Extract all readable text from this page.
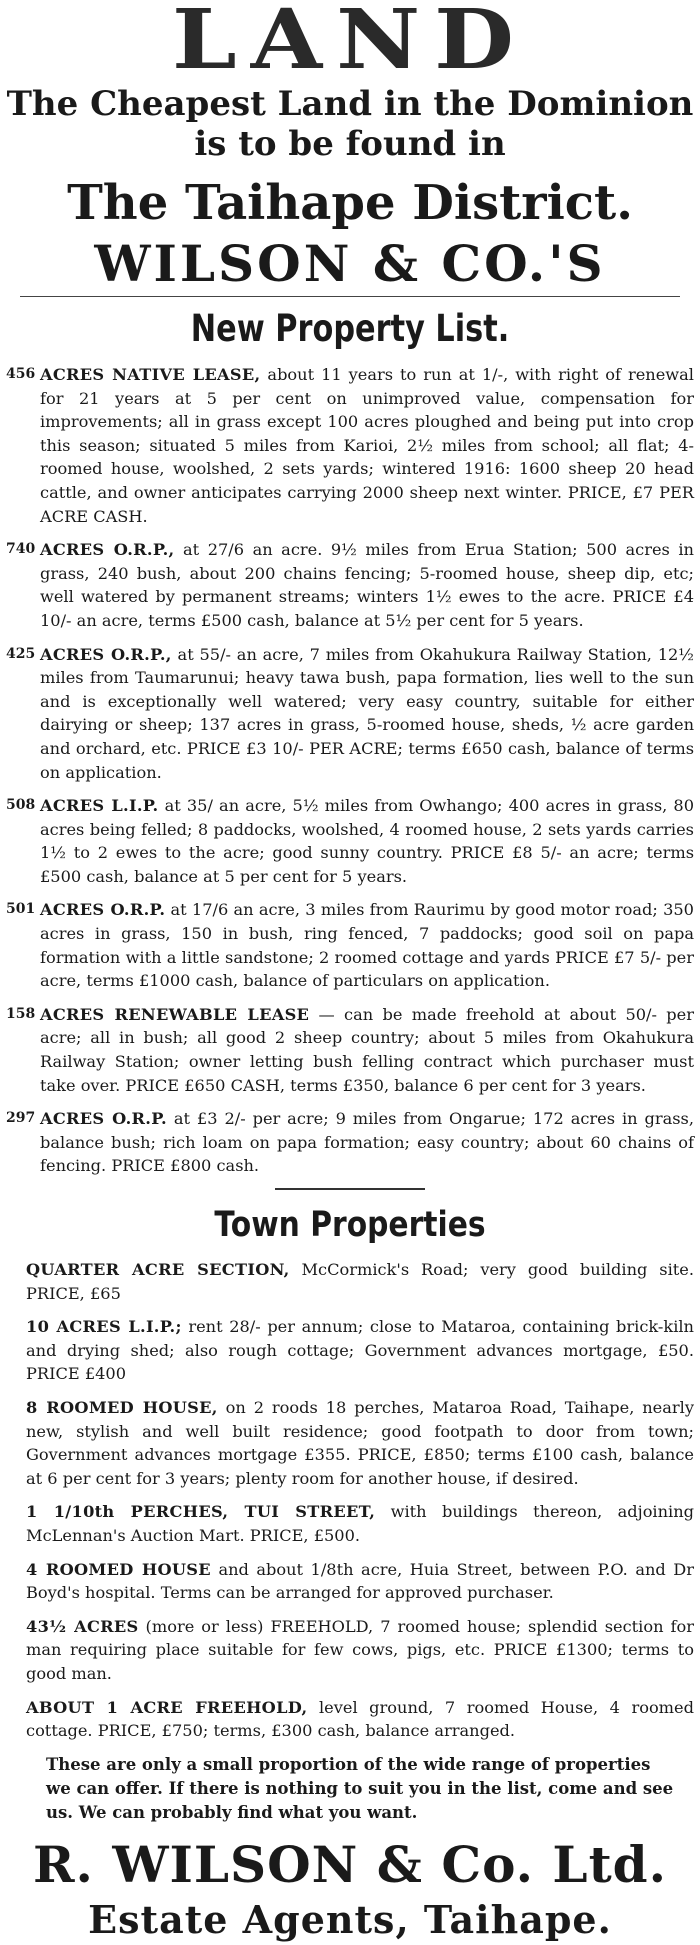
LAND
The Cheapest Land in the Dominion
is to be found in
The Taihape District.
WILSON & CO.'S
New Property List.
456 ACRES NATIVE LEASE, about 11 years to run at 1/-, with right of renewal for 21 years at 5 per cent on unimproved value, compensation for improvements; all in grass except 100 acres ploughed and being put into crop this season; situated 5 miles from Karioi, 2½ miles from school; all flat; 4-roomed house, woolshed, 2 sets yards; wintered 1916: 1600 sheep 20 head cattle, and owner anticipates carrying 2000 sheep next winter. PRICE, £7 PER ACRE CASH.
740 ACRES O.R.P., at 27/6 an acre. 9½ miles from Erua Station; 500 acres in grass, 240 bush, about 200 chains fencing; 5-roomed house, sheep dip, etc; well watered by permanent streams; winters 1½ ewes to the acre. PRICE £4 10/- an acre, terms £500 cash, balance at 5½ per cent for 5 years.
425 ACRES O.R.P., at 55/- an acre, 7 miles from Okahukura Railway Station, 12½ miles from Taumarunui; heavy tawa bush, papa formation, lies well to the sun and is exceptionally well watered; very easy country, suitable for either dairying or sheep; 137 acres in grass, 5-roomed house, sheds, ½ acre garden and orchard, etc. PRICE £3 10/- PER ACRE; terms £650 cash, balance of terms on application.
508 ACRES L.I.P. at 35/ an acre, 5½ miles from Owhango; 400 acres in grass, 80 acres being felled; 8 paddocks, woolshed, 4 roomed house, 2 sets yards carries 1½ to 2 ewes to the acre; good sunny country. PRICE £8 5/- an acre; terms £500 cash, balance at 5 per cent for 5 years.
501 ACRES O.R.P. at 17/6 an acre, 3 miles from Raurimu by good motor road; 350 acres in grass, 150 in bush, ring fenced, 7 paddocks; good soil on papa formation with a little sandstone; 2 roomed cottage and yards PRICE £7 5/- per acre, terms £1000 cash, balance of particulars on application.
158 ACRES RENEWABLE LEASE — can be made freehold at about 50/- per acre; all in bush; all good 2 sheep country; about 5 miles from Okahukura Railway Station; owner letting bush felling contract which purchaser must take over. PRICE £650 CASH, terms £350, balance 6 per cent for 3 years.
297 ACRES O.R.P. at £3 2/- per acre; 9 miles from Ongarue; 172 acres in grass, balance bush; rich loam on papa formation; easy country; about 60 chains of fencing. PRICE £800 cash.
Town Properties
QUARTER ACRE SECTION, McCormick's Road; very good building site. PRICE, £65
10 ACRES L.I.P.; rent 28/- per annum; close to Mataroa, containing brick-kiln and drying shed; also rough cottage; Government advances mortgage, £50. PRICE £400
8 ROOMED HOUSE, on 2 roods 18 perches, Mataroa Road, Taihape, nearly new, stylish and well built residence; good footpath to door from town; Government advances mortgage £355. PRICE, £850; terms £100 cash, balance at 6 per cent for 3 years; plenty room for another house, if desired.
1 1/10th PERCHES, TUI STREET, with buildings thereon, adjoining McLennan's Auction Mart. PRICE, £500.
4 ROOMED HOUSE and about 1/8th acre, Huia Street, between P.O. and Dr Boyd's hospital. Terms can be arranged for approved purchaser.
43½ ACRES (more or less) FREEHOLD, 7 roomed house; splendid section for man requiring place suitable for few cows, pigs, etc. PRICE £1300; terms to good man.
ABOUT 1 ACRE FREEHOLD, level ground, 7 roomed House, 4 roomed cottage. PRICE, £750; terms, £300 cash, balance arranged.
These are only a small proportion of the wide range of properties we can offer. If there is nothing to suit you in the list, come and see us. We can probably find what you want.
R. WILSON & Co. Ltd.
Estate Agents, Taihape.
